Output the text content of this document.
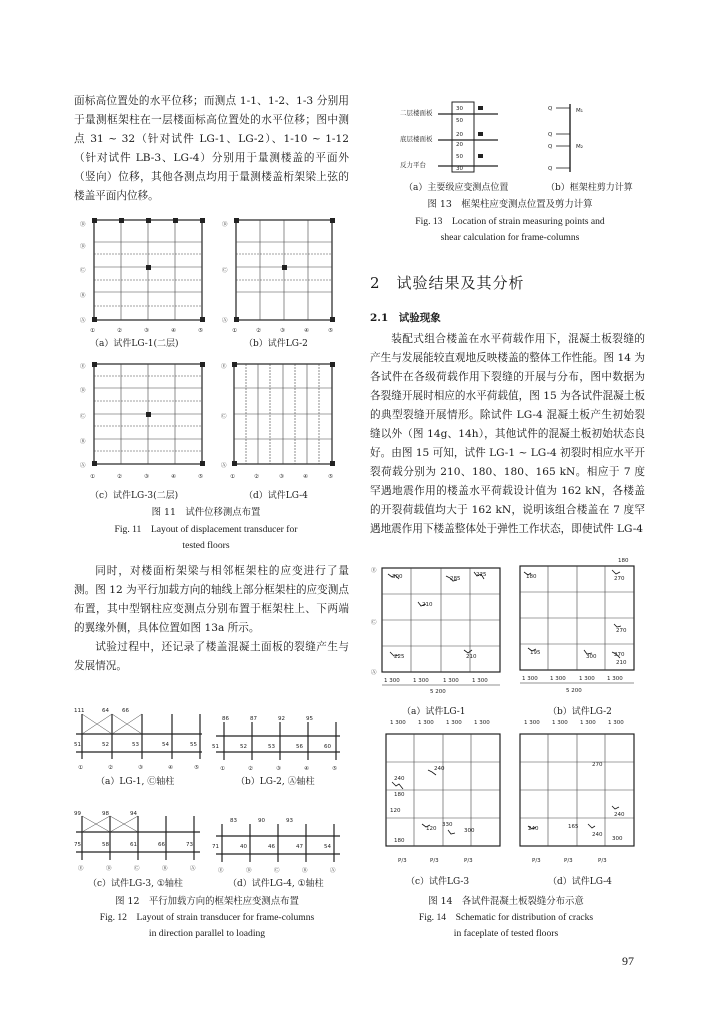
面标高位置处的水平位移；而测点 1-1、1-2、1-3 分别用于量测框架柱在一层楼面标高位置处的水平位移；图中测点 31 ~ 32（针对试件 LG-1、LG-2）、1-10 ~ 1-12（针对试件 LB-3、LG-4）分别用于量测楼盖的平面外（竖向）位移，其他各测点均用于量测楼盖桁架梁上弦的楼盖平面内位移。

Ⓓ
Ⓓ
Ⓒ
Ⓑ
Ⓐ
①	②	③	④	⑤
（a）试件LG-1(二层)
Ⓓ
Ⓒ
Ⓐ
①	②	③	④	⑤
（b）试件LG-2
Ⓔ
Ⓓ
Ⓒ
Ⓑ
Ⓐ
①	②	③	④	⑤
（c）试件LG-3(二层)
Ⓔ
Ⓒ
Ⓐ
①	②	③	④	⑤
（d）试件LG-4
图 11　试件位移测点布置
Fig. 11　Layout of displacement transducer for
tested floors

同时，对楼面桁架梁与相邻框架柱的应变进行了量测。图 12 为平行加载方向的轴线上部分框架柱的应变测点布置，其中型钢柱应变测点分别布置于框架柱上、下两端的翼缘外侧，具体位置如图 13a 所示。

试验过程中，还记录了楼盖混凝土面板的裂缝产生与发展情况。

111	64 66
51	52	53	54	55
①	②	③	④	⑤
（a）LG-1, Ⓒ轴柱
86	87	92	95
51	52	53	56	60
①	②	③	④	⑤
（b）LG-2, Ⓐ轴柱
99	98	94
75	58	61	66	73
Ⓔ	Ⓓ	Ⓒ	Ⓑ	Ⓐ
（c）试件LG-3, ①轴柱
83	90	93
71	40	46	47	54
Ⓔ	Ⓓ	Ⓒ	Ⓑ	Ⓐ
（d）试件LG-4, ①轴柱
图 12　平行加载方向的框架柱应变测点布置
Fig. 12　Layout of strain transducer for frame-columns
in direction parallel to loading
30
50
20
20
50
30
二层楼面板
底层楼面板
反力平台
Q	M₁
Q
Q	M₂
Q
（a）主要级应变测点位置	（b）框架柱剪力计算
图 13　框架柱应变测点位置及剪力计算
Fig. 13　Location of strain measuring points and
shear calculation for frame-columns
2　试验结果及其分析
2.1　试验现象

装配式组合楼盖在水平荷载作用下，混凝土板裂缝的产生与发展能较直观地反映楼盖的整体工作性能。图 14 为各试件在各级荷载作用下裂缝的开展与分布，图中数据为各裂缝开展时相应的水平荷载值，图 15 为各试件混凝土板的典型裂缝开展情形。除试件 LG-4 混凝土板产生初始裂缝以外（图 14g、14h），其他试件的混凝土板初始状态良好。由图 15 可知，试件 LG-1 ~ LG-4 初裂时相应水平开裂荷载分别为 210、180、180、165 kN。相应于 7 度罕遇地震作用的楼盖水平荷载设计值为 162 kN，各楼盖的开裂荷载值均大于 162 kN，说明该组合楼盖在 7 度罕遇地震作用下楼盖整体处于弹性工作状态，即使试件 LG-4

300	285
225
210
225	210
Ⓔ
Ⓒ
Ⓐ
1 300 1 300	1 300 1 300
5 200
（a）试件LG-1
180
180	270
270
195
300	270
210
1 300 1 300 1 300 1 300
5 200
（b）试件LG-2
1 300 1 300 1 300 1 300
240
240
180
120
120
330
300
180
P/3	P/3	P/3
（c）试件LG-3
1 300 1 300 1 300 1 300
270
240	165
240
240
300
P/3	P/3	P/3
（d）试件LG-4
图 14　各试件混凝土板裂缝分布示意
Fig. 14　Schematic for distribution of cracks
in faceplate of tested floors
97
